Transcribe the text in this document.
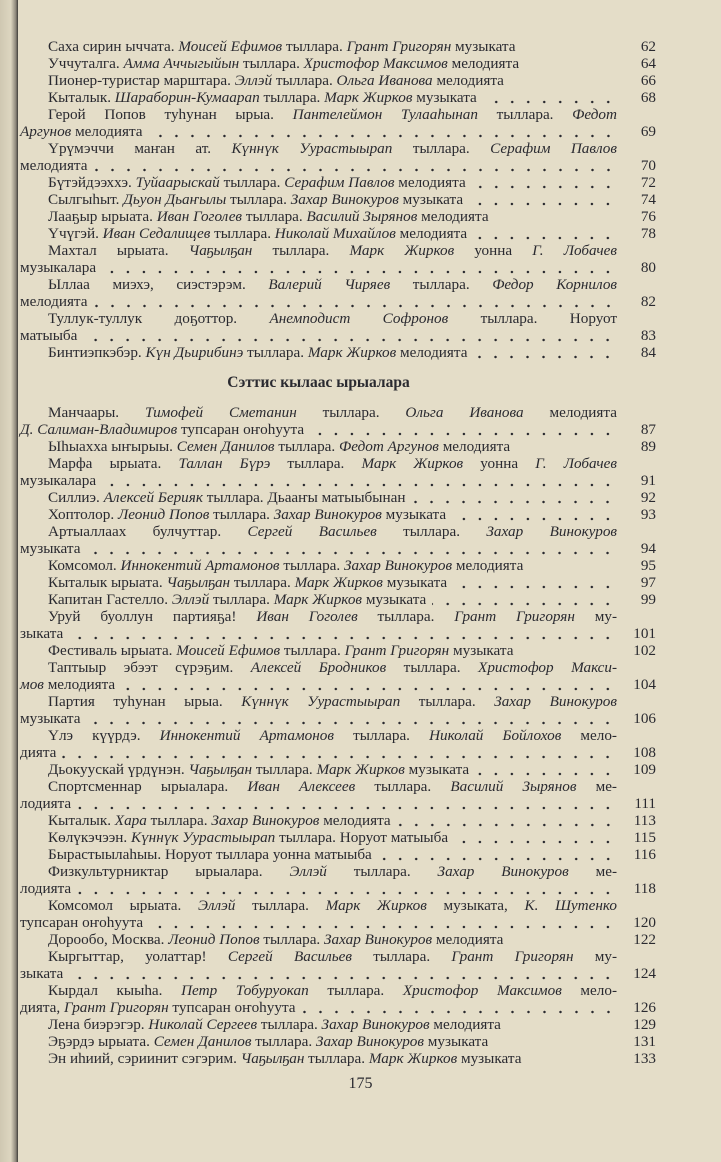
Саха сирин ыччата. Моисей Ефимов тыллара. Грант Григорян музыката	62
Уччуталга. Амма Аччыгыйын тыллара. Христофор Максимов мелодията	64
Пионер-туристар марштара. Эллэй тыллара. Ольга Иванова мелодията	66
Кыталык. Шараборин-Кумаарап тыллара. Марк Жирков музыката	68
Герой Попов туһунан ырыа. Пантелеймон Тулааһынап тыллара. Федот
Аргунов мелодията	69
Үрүмэччи маҥан ат. Күннүк Уурастыырап тыллара. Серафим Павлов
мелодията	70
Бүтэйдээххэ. Туйаарыскай тыллара. Серафим Павлов мелодията	72
Сылгыһыт. Дьуон Дьаҥылы тыллара. Захар Винокуров музыката	74
Лааҕыр ырыата. Иван Гоголев тыллара. Василий Зырянов мелодията	76
Үчүгэй. Иван Седалищев тыллара. Николай Михайлов мелодията	78
Махтал ырыата. Чаҕылҕан тыллара. Марк Жирков уонна Г. Лобачев
музыкалара	80
Ыллаа миэхэ, сиэстэрэм. Валерий Чиряев тыллара. Федор Корнилов
мелодията	82
Туллук-туллук доҕоттор. Анемподист Софронов тыллара. Норуот
матыыба	83
Бинтиэпкэбэр. Күн Дьирибинэ тыллара. Марк Жирков мелодията	84
Сэттис кылаас ырыалара
Манчаары. Тимофей Сметанин тыллара. Ольга Иванова мелодията
Д. Салиман-Владимиров тупсаран оҥоһуута	87
Ыһыахха ыҥырыы. Семен Данилов тыллара. Федот Аргунов мелодията	89
Марфа ырыата. Таллан Бүрэ тыллара. Марк Жирков уонна Г. Лобачев
музыкалара	91
Силлиэ. Алексей Берияк тыллара. Дьааҥы матыыбынан	92
Хоптолор. Леонид Попов тыллара. Захар Винокуров музыката	93
Артыаллаах булчуттар. Сергей Васильев тыллара. Захар Винокуров
музыката	94
Комсомол. Иннокентий Артамонов тыллара. Захар Винокуров мелодията	95
Кыталык ырыата. Чаҕылҕан тыллара. Марк Жирков музыката	97
Капитан Гастелло. Эллэй тыллара. Марк Жирков музыката	99
Уруй буоллун партияҕа! Иван Гоголев тыллара. Грант Григорян му-
зыката	101
Фестиваль ырыата. Моисей Ефимов тыллара. Грант Григорян музыката	102
Таптыыр эбээт сүрэҕим. Алексей Бродников тыллара. Христофор Макси-
мов мелодията	104
Партия туһунан ырыа. Күннүк Уурастыырап тыллара. Захар Винокуров
музыката	106
Үлэ күүрдэ. Иннокентий Артамонов тыллара. Николай Бойлохов мело-
дията	108
Дьокуускай үрдүнэн. Чаҕылҕан тыллара. Марк Жирков музыката	109
Спортсменнар ырыалара. Иван Алексеев тыллара. Василий Зырянов ме-
лодията	111
Кыталык. Хара тыллара. Захар Винокуров мелодията	113
Көлүкэчээн. Күннүк Уурастыырап тыллара. Норуот матыыба	115
Бырастыылаһыы. Норуот тыллара уонна матыыба	116
Физкультурниктар ырыалара. Эллэй тыллара. Захар Винокуров ме-
лодията	118
Комсомол ырыата. Эллэй тыллара. Марк Жирков музыката, К. Шутенко
тупсаран оҥоһуута	120
Дорообо, Москва. Леонид Попов тыллара. Захар Винокуров мелодията	122
Кыргыттар, уолаттар! Сергей Васильев тыллара. Грант Григорян му-
зыката	124
Кырдал кыыһа. Петр Тобуруокап тыллара. Христофор Максимов мело-
дията, Грант Григорян тупсаран оҥоһуута	126
Лена биэрэгэр. Николай Сергеев тыллара. Захар Винокуров мелодията	129
Эҕэрдэ ырыата. Семен Данилов тыллара. Захар Винокуров музыката	131
Эн иһиий, сэриинит сэгэрим. Чаҕылҕан тыллара. Марк Жирков музыката	133
175
